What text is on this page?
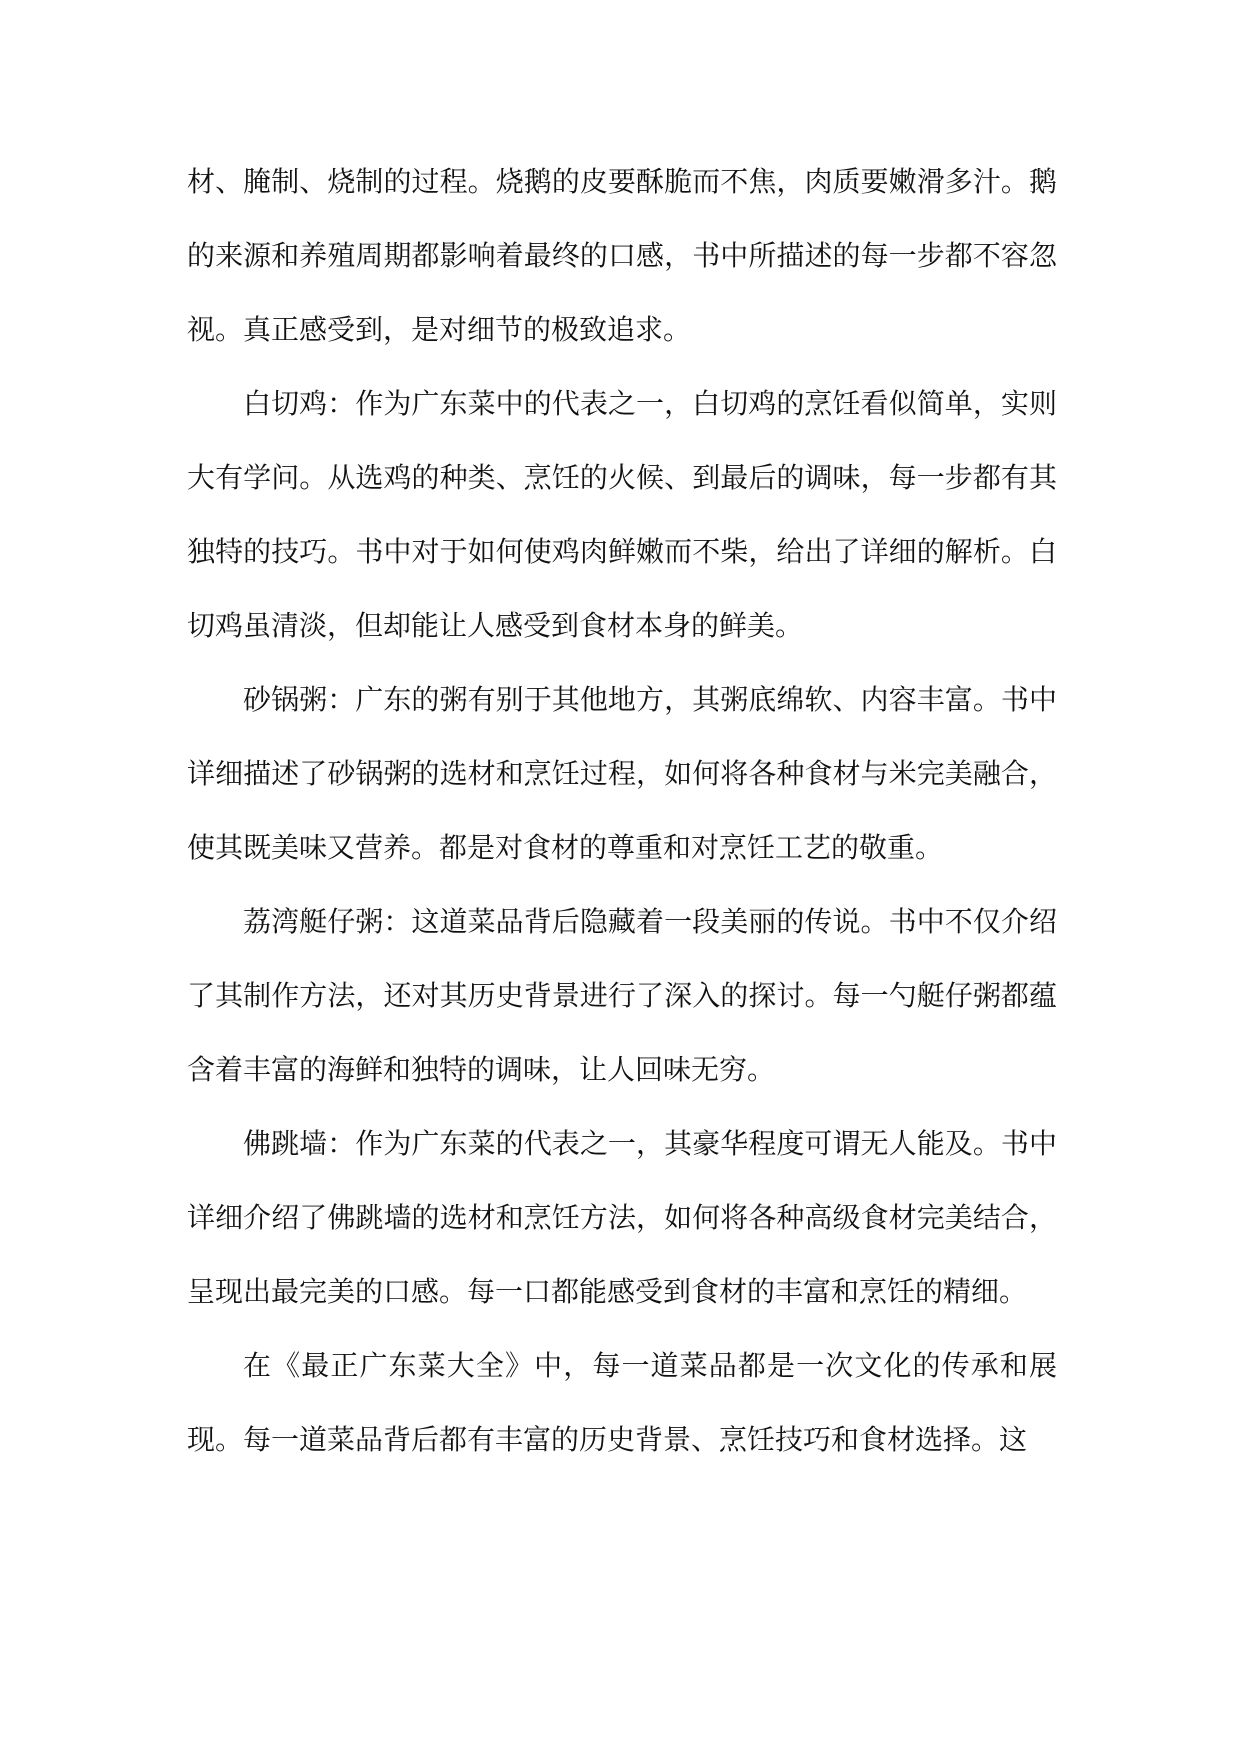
材、腌制、烧制的过程。烧鹅的皮要酥脆而不焦，肉质要嫩滑多汁。鹅的来源和养殖周期都影响着最终的口感，书中所描述的每一步都不容忽视。真正感受到，是对细节的极致追求。

白切鸡：作为广东菜中的代表之一，白切鸡的烹饪看似简单，实则大有学问。从选鸡的种类、烹饪的火候、到最后的调味，每一步都有其独特的技巧。书中对于如何使鸡肉鲜嫩而不柴，给出了详细的解析。白切鸡虽清淡，但却能让人感受到食材本身的鲜美。

砂锅粥：广东的粥有别于其他地方，其粥底绵软、内容丰富。书中详细描述了砂锅粥的选材和烹饪过程，如何将各种食材与米完美融合，使其既美味又营养。都是对食材的尊重和对烹饪工艺的敬重。

荔湾艇仔粥：这道菜品背后隐藏着一段美丽的传说。书中不仅介绍了其制作方法，还对其历史背景进行了深入的探讨。每一勺艇仔粥都蕴含着丰富的海鲜和独特的调味，让人回味无穷。

佛跳墙：作为广东菜的代表之一，其豪华程度可谓无人能及。书中详细介绍了佛跳墙的选材和烹饪方法，如何将各种高级食材完美结合，呈现出最完美的口感。每一口都能感受到食材的丰富和烹饪的精细。

在《最正广东菜大全》中，每一道菜品都是一次文化的传承和展现。每一道菜品背后都有丰富的历史背景、烹饪技巧和食材选择。这
